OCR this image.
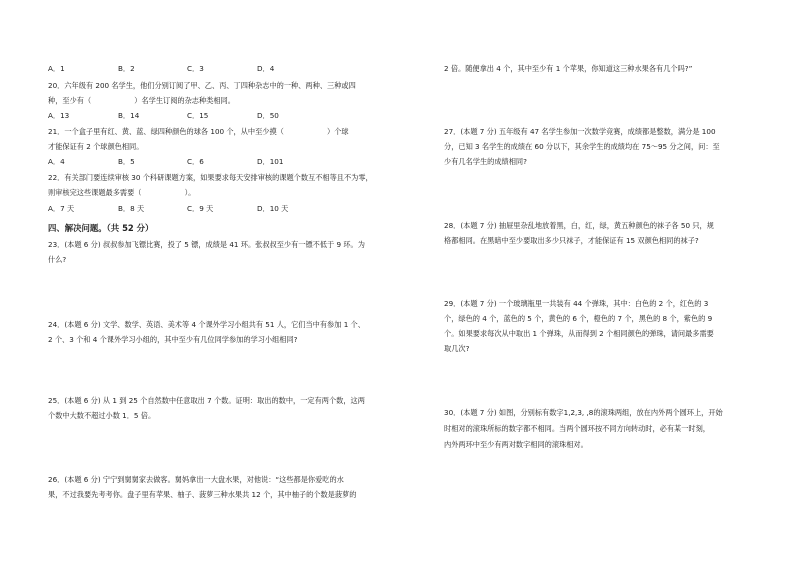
A．1	B．2	C．3	D．4

20．六年级有 200 名学生，他们分别订阅了甲、乙、丙、丁四种杂志中的一种、两种、三种或四

种，至少有（　　　　　　）名学生订阅的杂志种类相同。

A．13	B．14	C．15	D．50

21．一个盒子里有红、黄、蓝、绿四种颜色的球各 100 个，从中至少摸（　　　　　　）个球

才能保证有 2 个球颜色相同。

A．4	B．5	C．6	D．101

22．有关部门要连续审核 30 个科研课题方案，如果要求每天安排审核的课题个数互不相等且不为零，

则审核完这些课题最多需要（　　　　　　）。

A．7 天	B．8 天	C．9 天	D．10 天

四、解决问题。（共 52 分）

23．(本题 6 分) 叔叔参加飞镖比赛，投了 5 镖，成绩是 41 环。张叔叔至少有一镖不低于 9 环。为

什么?

24．(本题 6 分) 文学、数学、英语、美术等 4 个课外学习小组共有 51 人，它们当中有参加 1 个、

2 个、3 个和 4 个课外学习小组的，其中至少有几位同学参加的学习小组相同?

25．(本题 6 分) 从 1 到 25 个自然数中任意取出 7 个数。证明：取出的数中，一定有两个数，这两

个数中大数不超过小数 1．5 倍。

26．(本题 6 分) 宁宁到舅舅家去做客。舅妈拿出一大盘水果，对他说：“这些都是你爱吃的水

果，不过我要先考考你。盘子里有苹果、柚子、菠萝三种水果共 12 个，其中柚子的个数是菠萝的

2 倍。随便拿出 4 个，其中至少有 1 个苹果，你知道这三种水果各有几个吗?”

27．(本题 7 分) 五年级有 47 名学生参加一次数学竞赛，成绩都是整数，满分是 100

分，已知 3 名学生的成绩在 60 分以下，其余学生的成绩均在 75～95 分之间，问：至

少有几名学生的成绩相同?

28．(本题 7 分) 抽屉里杂乱地放着黑，白，红，绿，黄五种颜色的袜子各 50 只，规

格都相同。在黑暗中至少要取出多少只袜子，才能保证有 15 双颜色相同的袜子?

29．(本题 7 分) 一个玻璃瓶里一共装有 44 个弹珠，其中：白色的 2 个，红色的 3

个，绿色的 4 个，蓝色的 5 个，黄色的 6 个，橙色的 7 个，黑色的 8 个，紫色的 9

个。如果要求每次从中取出 1 个弹珠，从而得到 2 个相同颜色的弹珠，请问最多需要

取几次?

30．(本题 7 分) 如图，分别标有数字1,2,3, ,8的滚珠两组，放在内外两个圆环上，开始

时相对的滚珠所标的数字都不相同。当两个圆环按不同方向转动时，必有某一时刻，

内外两环中至少有两对数字相同的滚珠相对。
